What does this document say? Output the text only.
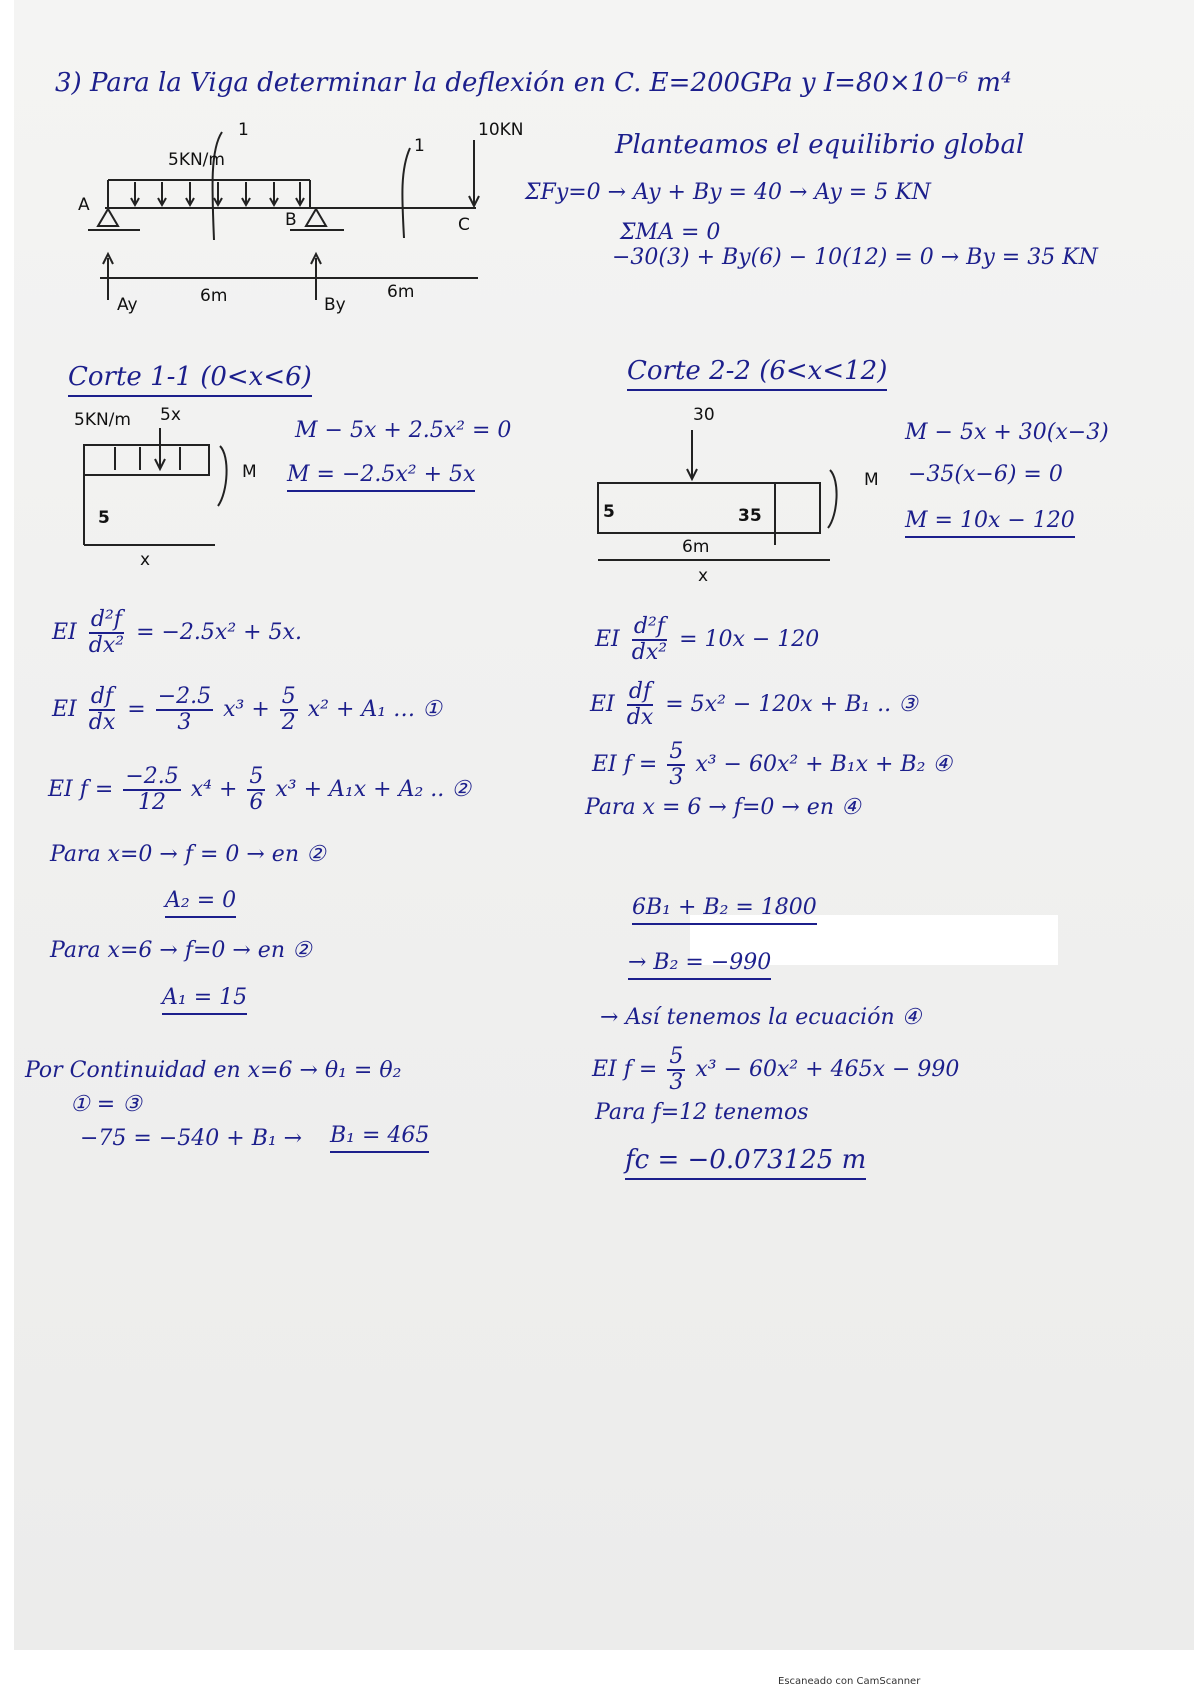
3) Para la Viga determinar la deflexión en C. E=200GPa y I=80×10⁻⁶ m⁴
5KN/m
10KN
A
B	C
Ay	By
6m	6m
1
1	Planteamos el equilibrio global
ΣFy=0 → Ay + By = 40 → Ay = 5 KN
ΣMA = 0
−30(3) + By(6) − 10(12) = 0 → By = 35 KN
Corte 1-1 (0<x<6)
5KN/m 5x
5
M
x
M − 5x + 2.5x² = 0
M = −2.5x² + 5x
Corte 2-2 (6<x<12)
30
5	35
M
6m
x
M − 5x + 30(x−3)
−35(x−6) = 0
M = 10x − 120
EI $\frac{\text{d²f}}{\text{dx²}} = -2.5x^2 + 5x$.
EI $\frac{df}{dx} = \frac{-2.5}{3} x^3 + \frac{5}{2} x^2 + A_1$ … ①
EI $f = \frac{-2.5}{12} x^4 + \frac{5}{6} x^3 + A_1x + A_2$ .. ②
Para x=0 → f = 0 → en ②
A₂ = 0
Para x=6 → f=0 → en ②
A₁ = 15
Por Continuidad en x=6 → θ₁ = θ₂
① = ③
−75 = −540 + B₁ → B₁ = 465
EI $\frac{\text{d²f}}{\text{dx²}} = 10x - 120$
EI $\frac{df}{dx} = 5x^2 - 120x + B_1$ .. ③
EI $f = \frac{5}{3} x^3 - 60x^2 + B_1x + B_2$ ④
Para x = 6 → f=0 → en ④
6B₁ + B₂ = 1800
→ B₂ = −990
→ Así tenemos la ecuación ④
EI $f = \frac{5}{3} x^3 - 60x^2 + 465x - 990$
Para f=12 tenemos
fc = −0.073125 m
Escaneado con CamScanner
